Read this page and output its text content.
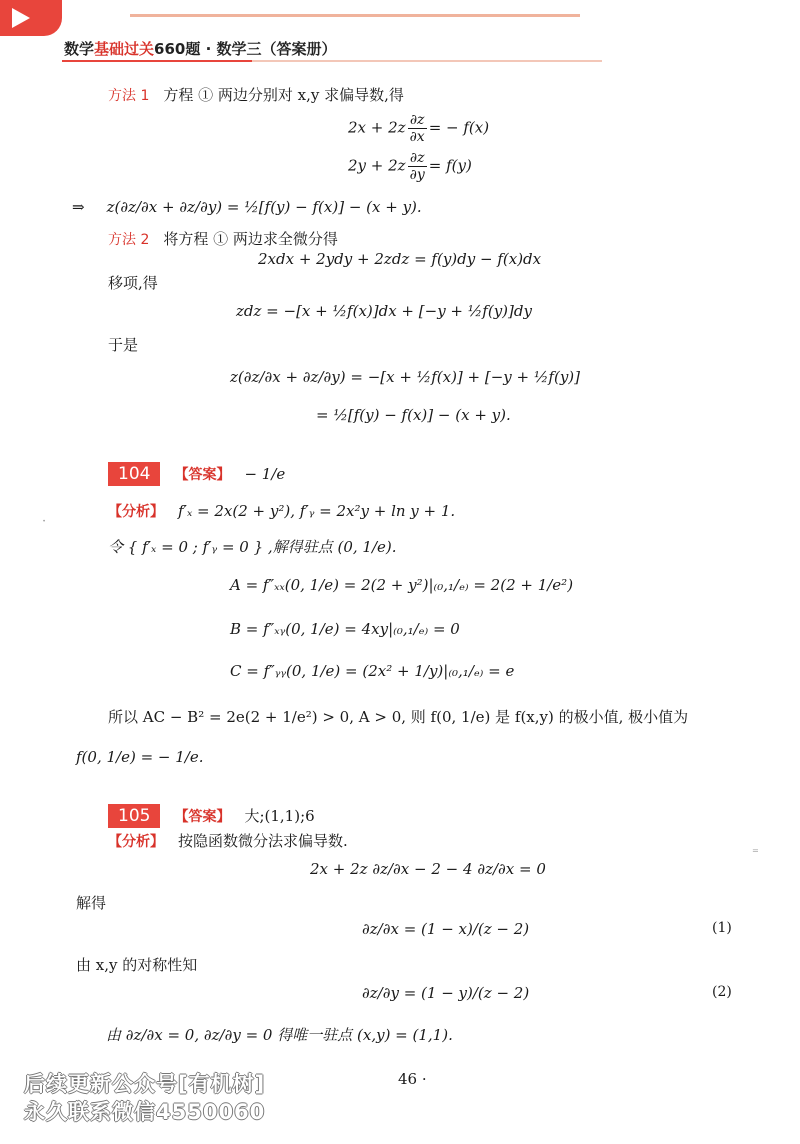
数学基础过关660题 · 数学三（答案册）
方法 1 方程 ① 两边分别对 x,y 求偏导数,得
$2x + 2z \frac{\partial z}{\partial x}$ = − f(x)
$2y + 2z \frac{\partial z}{\partial y} = f(y)$
⇒ z(∂z/∂x + ∂z/∂y) = ½[f(y) − f(x)] − (x + y).
方法 2 将方程 ① 两边求全微分得
2xdx + 2ydy + 2zdz = f(y)dy − f(x)dx
移项,得
zdz = −[x + ½f(x)]dx + [−y + ½f(y)]dy
于是
z(∂z/∂x + ∂z/∂y) = −[x + ½f(x)] + [−y + ½f(y)]
= ½[f(y) − f(x)] − (x + y).
104 【答案】 − 1/e
【分析】 f′ₓ = 2x(2 + y²), f′ᵧ = 2x²y + ln y + 1.
令 { f′ₓ = 0 ; f′ᵧ = 0 } ,解得驻点 (0, 1/e).
A = f″ₓₓ(0, 1/e) = 2(2 + y²)|₍₀,₁/ₑ₎ = 2(2 + 1/e²)
B = f″ₓᵧ(0, 1/e) = 4xy|₍₀,₁/ₑ₎ = 0
C = f″ᵧᵧ(0, 1/e) = (2x² + 1/y)|₍₀,₁/ₑ₎ = e
所以 AC − B² = 2e(2 + 1/e²) > 0, A > 0, 则 f(0, 1/e) 是 f(x,y) 的极小值, 极小值为
f(0, 1/e) = − 1/e.
105 【答案】 大;(1,1);6
【分析】 按隐函数微分法求偏导数.
2x + 2z ∂z/∂x − 2 − 4 ∂z/∂x = 0
解得
∂z/∂x = (1 − x)/(z − 2)	(1)
由 x,y 的对称性知
∂z/∂y = (1 − y)/(z − 2)	(2)
由 ∂z/∂x = 0, ∂z/∂y = 0 得唯一驻点 (x,y) = (1,1).
⁼
·
46 ·
后续更新公众号[有机树]
永久联系微信4550060
